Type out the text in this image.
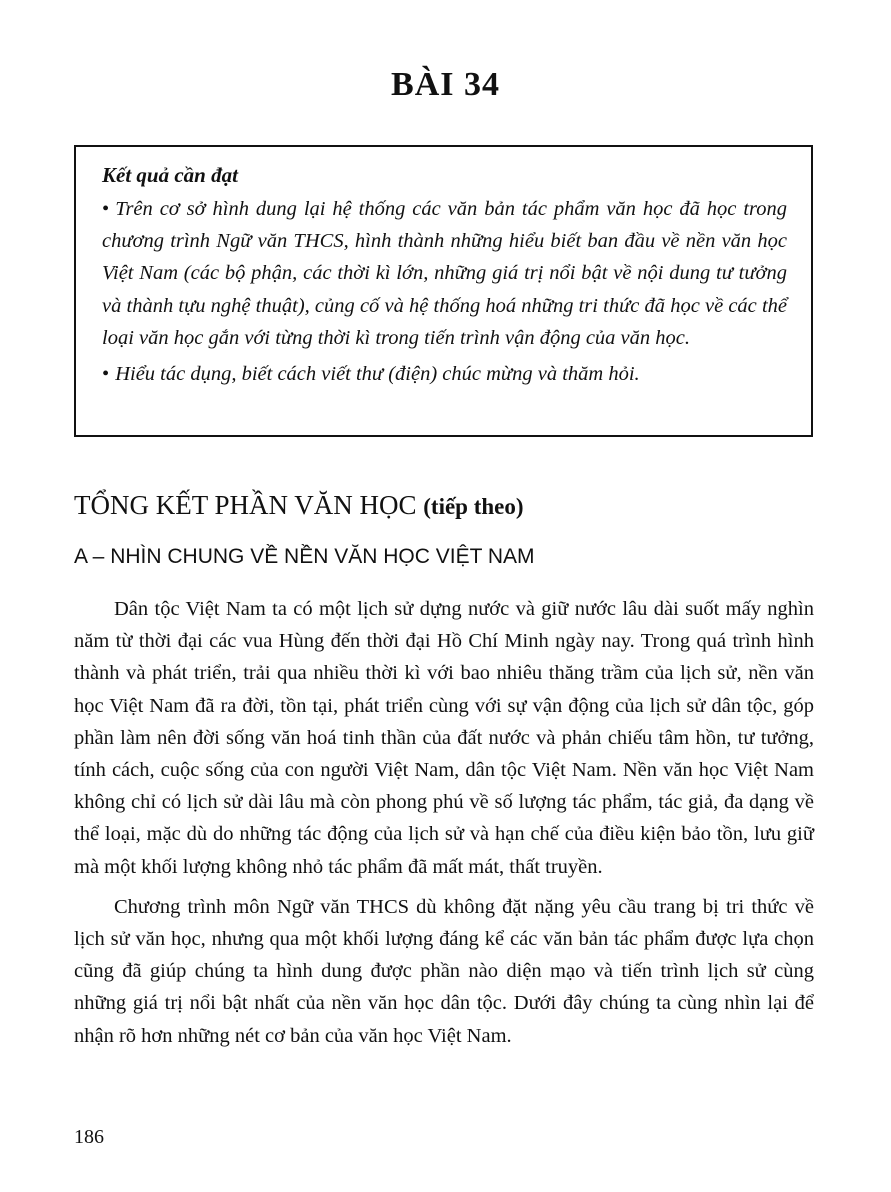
BÀI 34
Kết quả cần đạt

• Trên cơ sở hình dung lại hệ thống các văn bản tác phẩm văn học đã học trong chương trình Ngữ văn THCS, hình thành những hiểu biết ban đầu về nền văn học Việt Nam (các bộ phận, các thời kì lớn, những giá trị nổi bật về nội dung tư tưởng và thành tựu nghệ thuật), củng cố và hệ thống hoá những tri thức đã học về các thể loại văn học gắn với từng thời kì trong tiến trình vận động của văn học.

• Hiểu tác dụng, biết cách viết thư (điện) chúc mừng và thăm hỏi.

TỔNG KẾT PHẦN VĂN HỌC (tiếp theo)
A – NHÌN CHUNG VỀ NỀN VĂN HỌC VIỆT NAM

Dân tộc Việt Nam ta có một lịch sử dựng nước và giữ nước lâu dài suốt mấy nghìn năm từ thời đại các vua Hùng đến thời đại Hồ Chí Minh ngày nay. Trong quá trình hình thành và phát triển, trải qua nhiều thời kì với bao nhiêu thăng trầm của lịch sử, nền văn học Việt Nam đã ra đời, tồn tại, phát triển cùng với sự vận động của lịch sử dân tộc, góp phần làm nên đời sống văn hoá tinh thần của đất nước và phản chiếu tâm hồn, tư tưởng, tính cách, cuộc sống của con người Việt Nam, dân tộc Việt Nam. Nền văn học Việt Nam không chỉ có lịch sử dài lâu mà còn phong phú về số lượng tác phẩm, tác giả, đa dạng về thể loại, mặc dù do những tác động của lịch sử và hạn chế của điều kiện bảo tồn, lưu giữ mà một khối lượng không nhỏ tác phẩm đã mất mát, thất truyền.

Chương trình môn Ngữ văn THCS dù không đặt nặng yêu cầu trang bị tri thức về lịch sử văn học, nhưng qua một khối lượng đáng kể các văn bản tác phẩm được lựa chọn cũng đã giúp chúng ta hình dung được phần nào diện mạo và tiến trình lịch sử cùng những giá trị nổi bật nhất của nền văn học dân tộc. Dưới đây chúng ta cùng nhìn lại để nhận rõ hơn những nét cơ bản của văn học Việt Nam.

186
